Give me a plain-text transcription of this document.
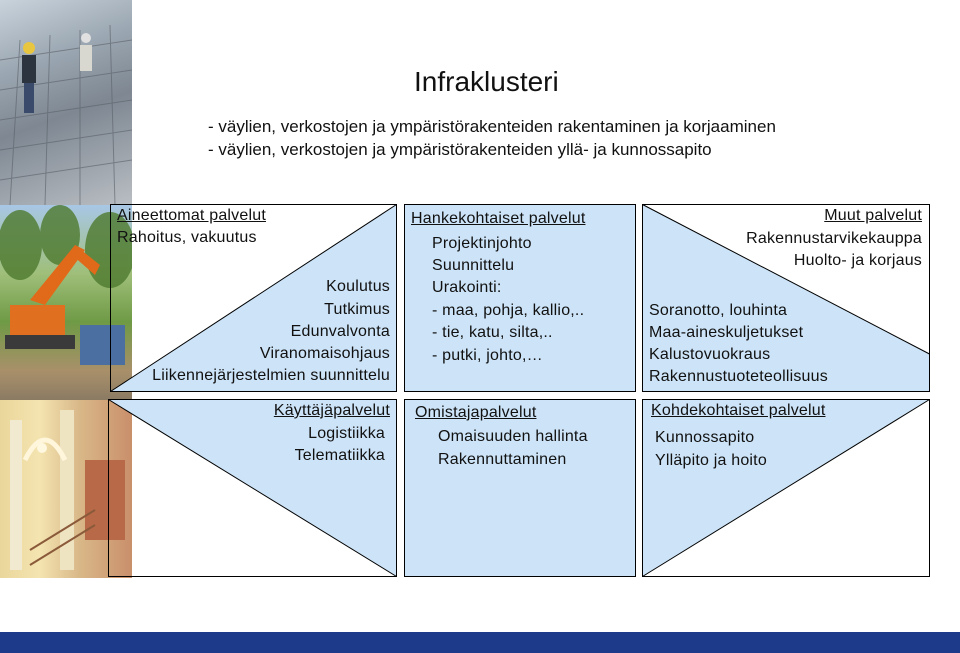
Infraklusteri
- väylien, verkostojen ja ympäristörakenteiden rakentaminen ja korjaaminen
- väylien, verkostojen ja ympäristörakenteiden yllä- ja kunnossapito
Aineettomat palvelut
Rahoitus, vakuutus
Koulutus
Tutkimus
Edunvalvonta
Viranomaisohjaus
Liikennejärjestelmien suunnittelu
Käyttäjäpalvelut
Logistiikka
Telematiikka
Hankekohtaiset palvelut
Projektinjohto
Suunnittelu
Urakointi:
- maa, pohja, kallio,..
- tie, katu, silta,..
- putki, johto,…
Omistajapalvelut
Omaisuuden hallinta
Rakennuttaminen
Muut palvelut
Rakennustarvikekauppa
Huolto- ja korjaus
Soranotto, louhinta
Maa-aineskuljetukset
Kalustovuokraus
Rakennustuoteteollisuus
Kohdekohtaiset palvelut
Kunnossapito
Ylläpito ja hoito
